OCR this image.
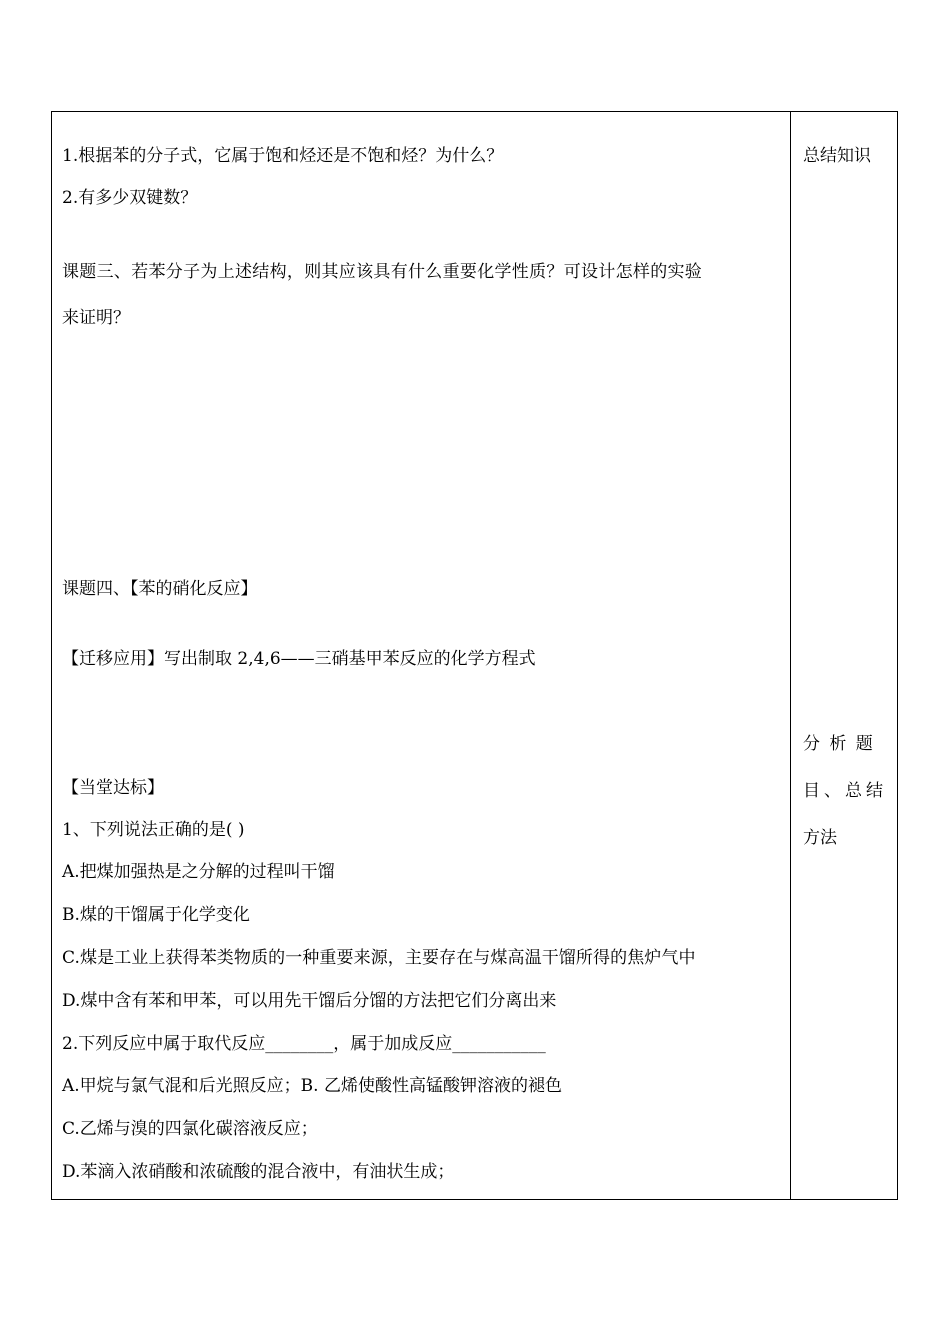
1.根据苯的分子式，它属于饱和烃还是不饱和烃？为什么？
2.有多少双键数？
课题三、若苯分子为上述结构，则其应该具有什么重要化学性质？可设计怎样的实验
来证明？
课题四、【苯的硝化反应】
【迁移应用】写出制取 2,4,6——三硝基甲苯反应的化学方程式
【当堂达标】
1、下列说法正确的是( )
A.把煤加强热是之分解的过程叫干馏
B.煤的干馏属于化学变化
C.煤是工业上获得苯类物质的一种重要来源，主要存在与煤高温干馏所得的焦炉气中
D.煤中含有苯和甲苯，可以用先干馏后分馏的方法把它们分离出来
2.下列反应中属于取代反应________，属于加成反应___________
A.甲烷与氯气混和后光照反应；B. 乙烯使酸性高锰酸钾溶液的褪色
C.乙烯与溴的四氯化碳溶液反应；
D.苯滴入浓硝酸和浓硫酸的混合液中，有油状生成；
总结知识
分 析 题
目、总结
方法
